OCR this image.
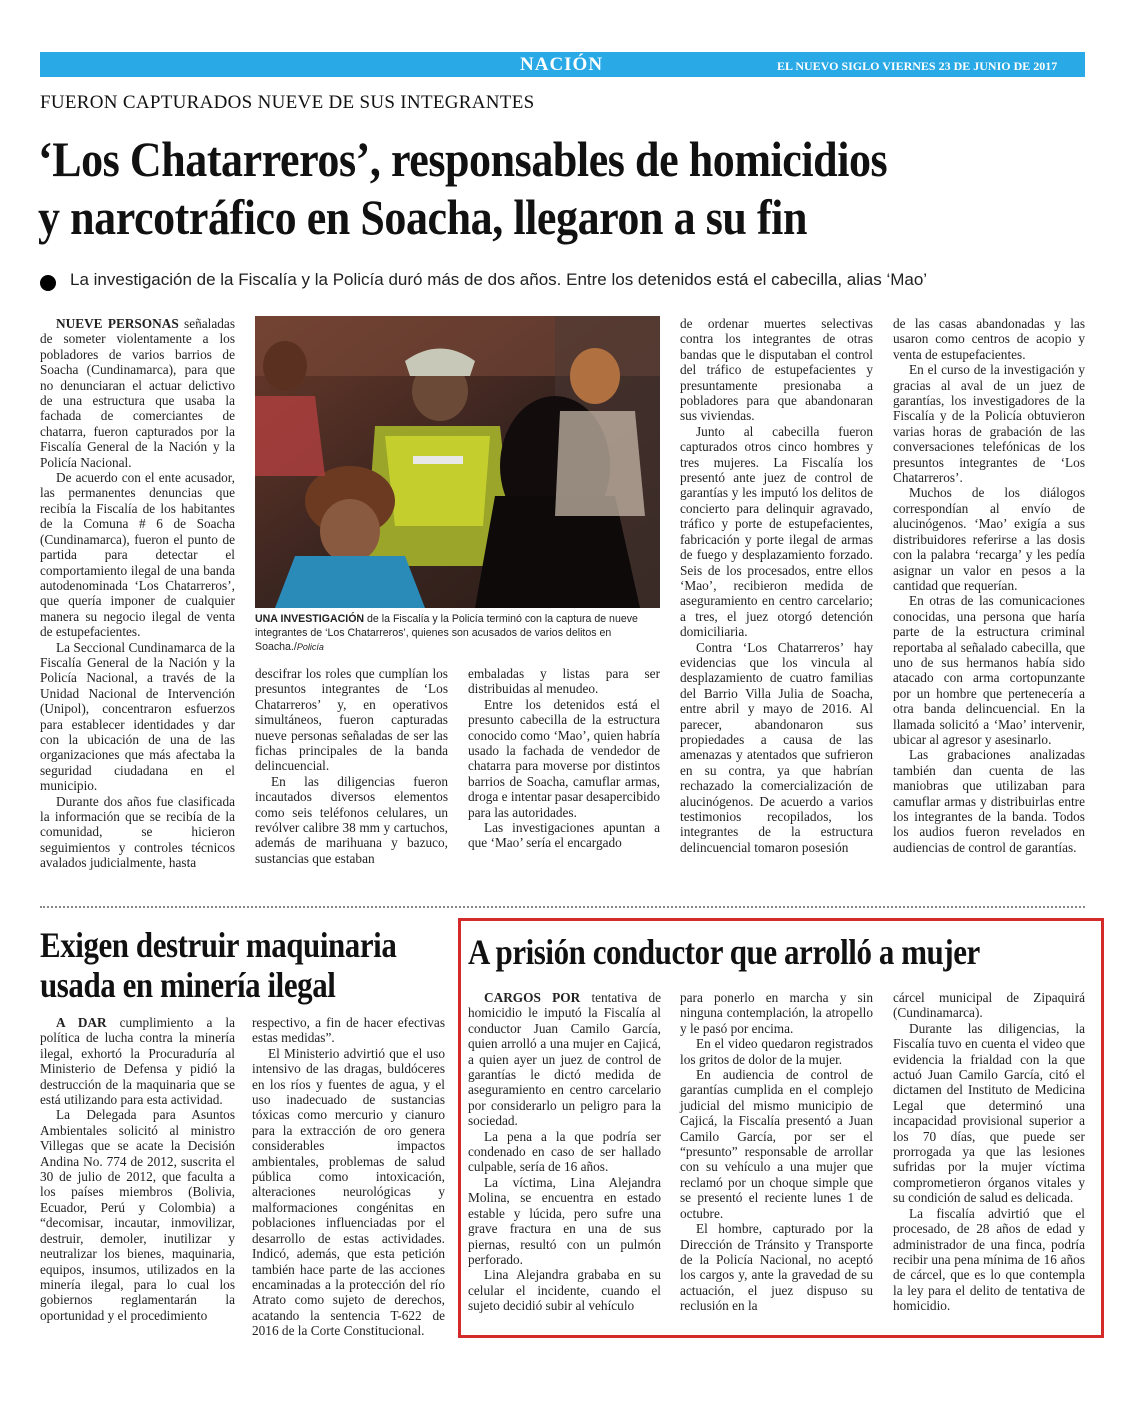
NACIÓN	EL NUEVO SIGLO VIERNES 23 DE JUNIO DE 2017 1B
FUERON CAPTURADOS NUEVE DE SUS INTEGRANTES
‘Los Chatarreros’, responsables de homicidios
y narcotráfico en Soacha, llegaron a su fin
La investigación de la Fiscalía y la Policía duró más de dos años. Entre los detenidos está el cabecilla, alias ‘Mao’

NUEVE PERSONAS señaladas de someter violentamente a los pobladores de varios barrios de Soacha (Cundinamarca), para que no denunciaran el actuar delictivo de una estructura que usaba la fachada de comerciantes de chatarra, fueron capturados por la Fiscalía General de la Nación y la Policía Nacional.

De acuerdo con el ente acusador, las permanentes denuncias que recibía la Fiscalía de los habitantes de la Comuna # 6 de Soacha (Cundinamarca), fueron el punto de partida para detectar el comportamiento ilegal de una banda autodenominada ‘Los Chatarreros’, que quería imponer de cualquier manera su negocio ilegal de venta de estupefacientes.

La Seccional Cundinamarca de la Fiscalía General de la Nación y la Policía Nacional, a través de la Unidad Nacional de Intervención (Unipol), concentraron esfuerzos para establecer identidades y dar con la ubicación de una de las organizaciones que más afectaba la seguridad ciudadana en el municipio.

Durante dos años fue clasificada la información que se recibía de la comunidad, se hicieron seguimientos y controles técnicos avalados judicialmente, hasta

UNA INVESTIGACIÓN de la Fiscalía y la Policía terminó con la captura de nueve integrantes de ‘Los Chatarreros’, quienes son acusados de varios delitos en Soacha./Policía

descifrar los roles que cumplían los presuntos integrantes de ‘Los Chatarreros’ y, en operativos simultáneos, fueron capturadas nueve personas señaladas de ser las fichas principales de la banda delincuencial.

En las diligencias fueron incautados diversos elementos como seis teléfonos celulares, un revólver calibre 38 mm y cartuchos, además de marihuana y bazuco, sustancias que estaban

embaladas y listas para ser distribuidas al menudeo.

Entre los detenidos está el presunto cabecilla de la estructura conocido como ‘Mao’, quien habría usado la fachada de vendedor de chatarra para moverse por distintos barrios de Soacha, camuflar armas, droga e intentar pasar desapercibido para las autoridades.

Las investigaciones apuntan a que ‘Mao’ sería el encargado

de ordenar muertes selectivas contra los integrantes de otras bandas que le disputaban el control del tráfico de estupefacientes y presuntamente presionaba a pobladores para que abandonaran sus viviendas.

Junto al cabecilla fueron capturados otros cinco hombres y tres mujeres. La Fiscalía los presentó ante juez de control de garantías y les imputó los delitos de concierto para delinquir agravado, tráfico y porte de estupefacientes, fabricación y porte ilegal de armas de fuego y desplazamiento forzado. Seis de los procesados, entre ellos ‘Mao’, recibieron medida de aseguramiento en centro carcelario; a tres, el juez otorgó detención domiciliaria.

Contra ‘Los Chatarreros’ hay evidencias que los vincula al desplazamiento de cuatro familias del Barrio Villa Julia de Soacha, entre abril y mayo de 2016. Al parecer, abandonaron sus propiedades a causa de las amenazas y atentados que sufrieron en su contra, ya que habrían rechazado la comercialización de alucinógenos. De acuerdo a varios testimonios recopilados, los integrantes de la estructura delincuencial tomaron posesión

de las casas abandonadas y las usaron como centros de acopio y venta de estupefacientes.

En el curso de la investigación y gracias al aval de un juez de garantías, los investigadores de la Fiscalía y de la Policía obtuvieron varias horas de grabación de las conversaciones telefónicas de los presuntos integrantes de ‘Los Chatarreros’.

Muchos de los diálogos correspondían al envío de alucinógenos. ‘Mao’ exigía a sus distribuidores referirse a las dosis con la palabra ‘recarga’ y les pedía asignar un valor en pesos a la cantidad que requerían.

En otras de las comunicaciones conocidas, una persona que haría parte de la estructura criminal reportaba al señalado cabecilla, que uno de sus hermanos había sido atacado con arma cortopunzante por un hombre que pertenecería a otra banda delincuencial. En la llamada solicitó a ‘Mao’ intervenir, ubicar al agresor y asesinarlo.

Las grabaciones analizadas también dan cuenta de las maniobras que utilizaban para camuflar armas y distribuirlas entre los integrantes de la banda. Todos los audios fueron revelados en audiencias de control de garantías.

Exigen destruir maquinaria
usada en minería ilegal

A DAR cumplimiento a la política de lucha contra la minería ilegal, exhortó la Procuraduría al Ministerio de Defensa y pidió la destrucción de la maquinaria que se está utilizando para esta actividad.

La Delegada para Asuntos Ambientales solicitó al ministro Villegas que se acate la Decisión Andina No. 774 de 2012, suscrita el 30 de julio de 2012, que faculta a los países miembros (Bolivia, Ecuador, Perú y Colombia) a “decomisar, incautar, inmovilizar, destruir, demoler, inutilizar y neutralizar los bienes, maquinaria, equipos, insumos, utilizados en la minería ilegal, para lo cual los gobiernos reglamentarán la oportunidad y el procedimiento

respectivo, a fin de hacer efectivas estas medidas”.

El Ministerio advirtió que el uso intensivo de las dragas, buldóceres en los ríos y fuentes de agua, y el uso inadecuado de sustancias tóxicas como mercurio y cianuro para la extracción de oro genera considerables impactos ambientales, problemas de salud pública como intoxicación, alteraciones neurológicas y malformaciones congénitas en poblaciones influenciadas por el desarrollo de estas actividades. Indicó, además, que esta petición también hace parte de las acciones encaminadas a la protección del río Atrato como sujeto de derechos, acatando la sentencia T-622 de 2016 de la Corte Constitucional.

A prisión conductor que arrolló a mujer

CARGOS POR tentativa de homicidio le imputó la Fiscalía al conductor Juan Camilo García, quien arrolló a una mujer en Cajicá, a quien ayer un juez de control de garantías le dictó medida de aseguramiento en centro carcelario por considerarlo un peligro para la sociedad.

La pena a la que podría ser condenado en caso de ser hallado culpable, sería de 16 años.

La víctima, Lina Alejandra Molina, se encuentra en estado estable y lúcida, pero sufre una grave fractura en una de sus piernas, resultó con un pulmón perforado.

Lina Alejandra grababa en su celular el incidente, cuando el sujeto decidió subir al vehículo

para ponerlo en marcha y sin ninguna contemplación, la atropello y le pasó por encima.

En el video quedaron registrados los gritos de dolor de la mujer.

En audiencia de control de garantías cumplida en el complejo judicial del mismo municipio de Cajicá, la Fiscalía presentó a Juan Camilo García, por ser el “presunto” responsable de arrollar con su vehículo a una mujer que reclamó por un choque simple que se presentó el reciente lunes 1 de octubre.

El hombre, capturado por la Dirección de Tránsito y Transporte de la Policía Nacional, no aceptó los cargos y, ante la gravedad de su actuación, el juez dispuso su reclusión en la

cárcel municipal de Zipaquirá (Cundinamarca).

Durante las diligencias, la Fiscalía tuvo en cuenta el video que evidencia la frialdad con la que actuó Juan Camilo García, citó el dictamen del Instituto de Medicina Legal que determinó una incapacidad provisional superior a los 70 días, que puede ser prorrogada ya que las lesiones sufridas por la mujer víctima comprometieron órganos vitales y su condición de salud es delicada.

La fiscalía advirtió que el procesado, de 28 años de edad y administrador de una finca, podría recibir una pena mínima de 16 años de cárcel, que es lo que contempla la ley para el delito de tentativa de homicidio.
